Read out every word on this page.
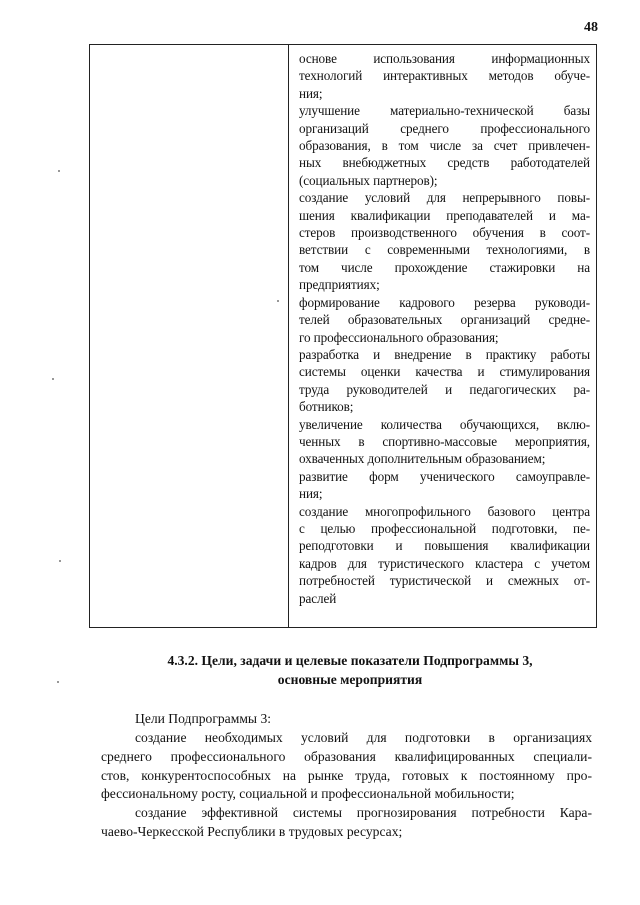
48
основе использования информационных
технологий интерактивных методов обуче-
ния;
улучшение материально-технической базы
организаций среднего профессионального
образования, в том числе за счет привлечен-
ных внебюджетных средств работодателей
(социальных партнеров);
создание условий для непрерывного повы-
шения квалификации преподавателей и ма-
стеров производственного обучения в соот-
ветствии с современными технологиями, в
том числе прохождение стажировки на
предприятиях;
формирование кадрового резерва руководи-
телей образовательных организаций средне-
го профессионального образования;
разработка и внедрение в практику работы
системы оценки качества и стимулирования
труда руководителей и педагогических ра-
ботников;
увеличение количества обучающихся, вклю-
ченных в спортивно-массовые мероприятия,
охваченных дополнительным образованием;
развитие форм ученического самоуправле-
ния;
создание многопрофильного базового центра
с целью профессиональной подготовки, пе-
реподготовки и повышения квалификации
кадров для туристического кластера с учетом
потребностей туристической и смежных от-
раслей
4.3.2. Цели, задачи и целевые показатели Подпрограммы 3,
основные мероприятия
Цели Подпрограммы 3:
создание необходимых условий для подготовки в организациях
среднего профессионального образования квалифицированных специали-
стов, конкурентоспособных на рынке труда, готовых к постоянному про-
фессиональному росту, социальной и профессиональной мобильности;
создание эффективной системы прогнозирования потребности Кара-
чаево-Черкесской Республики в трудовых ресурсах;
